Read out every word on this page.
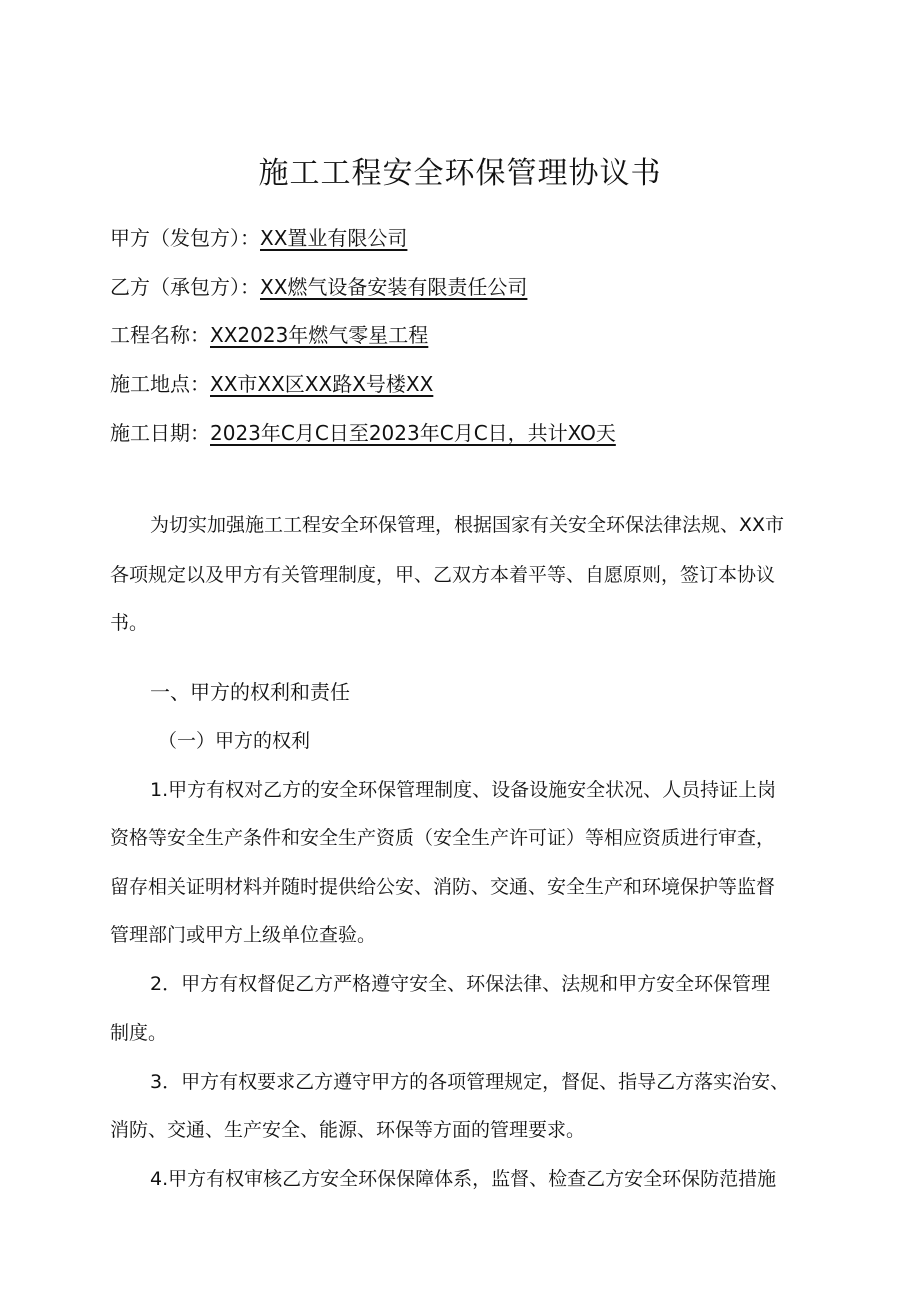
施工工程安全环保管理协议书
甲方（发包方）：XX置业有限公司
乙方（承包方）：XX燃气设备安装有限责任公司
工程名称：XX2023年燃气零星工程
施工地点：XX市XX区XX路X号楼XX
施工日期：2023年C月C日至2023年C月C日，共计XO天
为切实加强施工工程安全环保管理，根据国家有关安全环保法律法规、XX市
各项规定以及甲方有关管理制度，甲、乙双方本着平等、自愿原则，签订本协议
书。
一、甲方的权利和责任
（一）甲方的权利
1.甲方有权对乙方的安全环保管理制度、设备设施安全状况、人员持证上岗
资格等安全生产条件和安全生产资质（安全生产许可证）等相应资质进行审查，
留存相关证明材料并随时提供给公安、消防、交通、安全生产和环境保护等监督
管理部门或甲方上级单位查验。
2．甲方有权督促乙方严格遵守安全、环保法律、法规和甲方安全环保管理
制度。
3．甲方有权要求乙方遵守甲方的各项管理规定，督促、指导乙方落实治安、
消防、交通、生产安全、能源、环保等方面的管理要求。
4.甲方有权审核乙方安全环保保障体系，监督、检查乙方安全环保防范措施
